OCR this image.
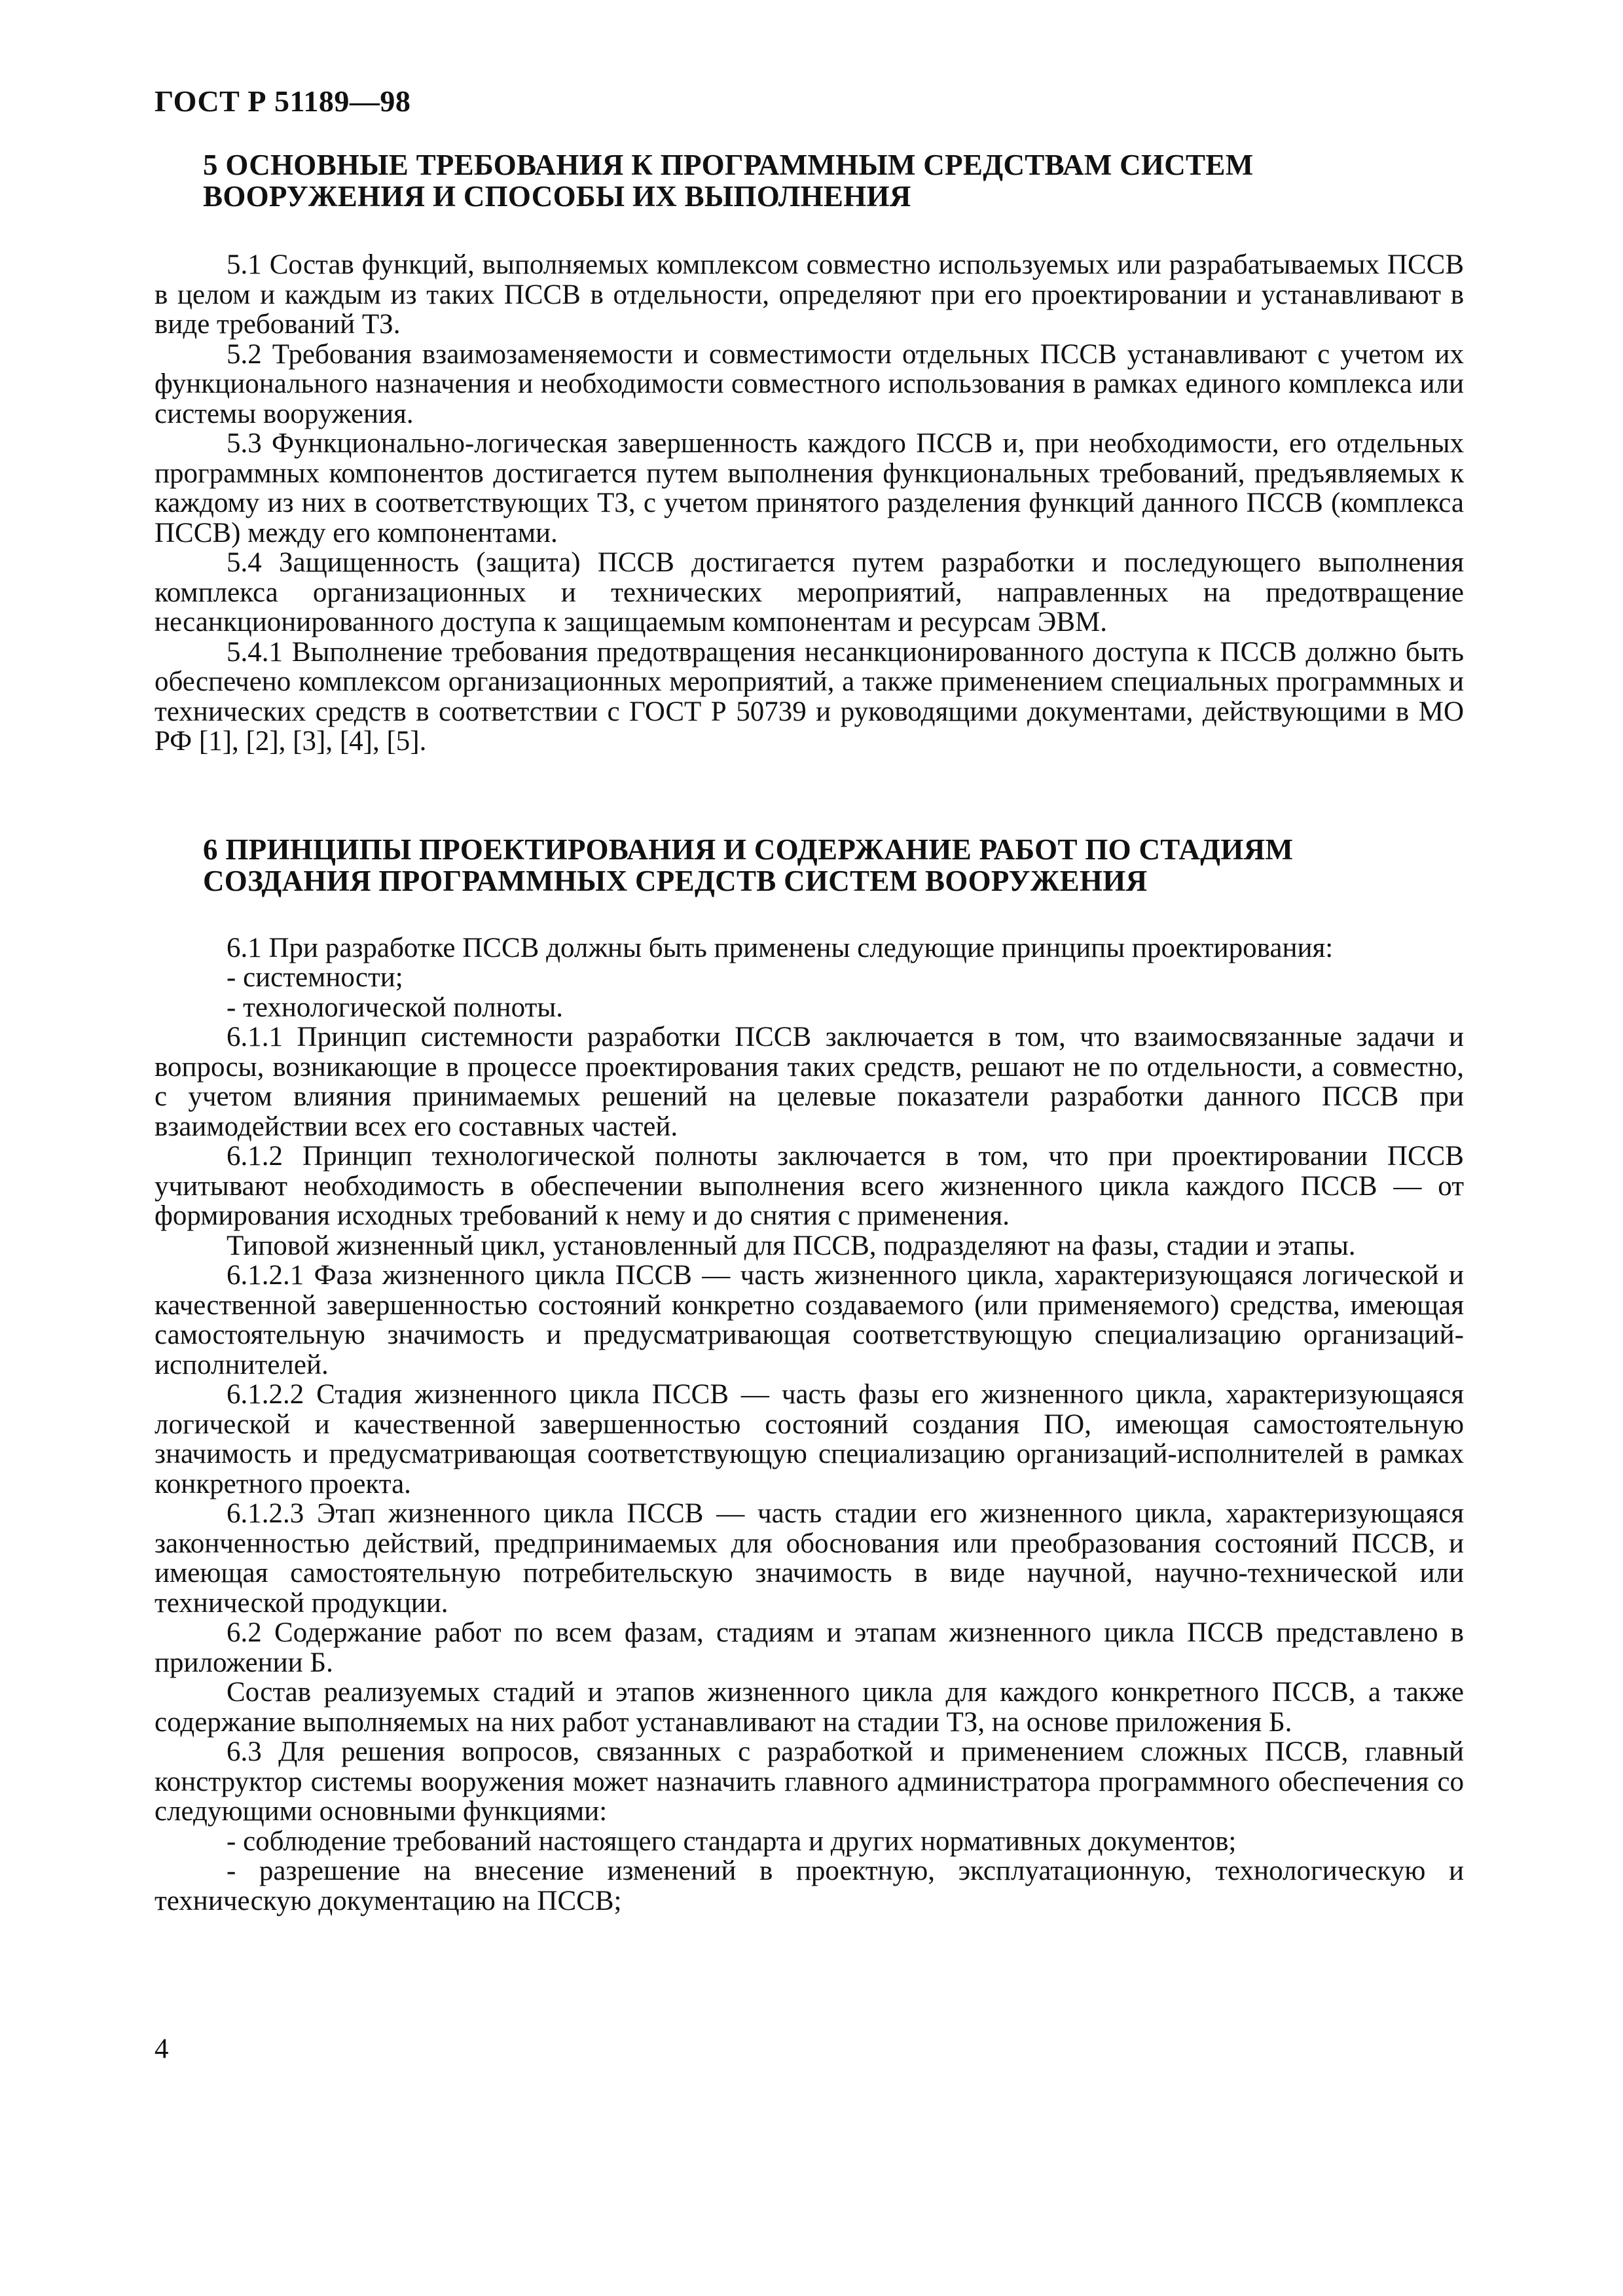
ГОСТ Р 51189—98
5 ОСНОВНЫЕ ТРЕБОВАНИЯ К ПРОГРАММНЫМ СРЕДСТВАМ СИСТЕМ
ВООРУЖЕНИЯ И СПОСОБЫ ИХ ВЫПОЛНЕНИЯ

5.1 Состав функций, выполняемых комплексом совместно используемых или разрабатываемых ПССВ в целом и каждым из таких ПССВ в отдельности, определяют при его проектировании и устанавливают в виде требований ТЗ.

5.2 Требования взаимозаменяемости и совместимости отдельных ПССВ устанавливают с учетом их функционального назначения и необходимости совместного использования в рамках единого комплекса или системы вооружения.

5.3 Функционально-логическая завершенность каждого ПССВ и, при необходимости, его отдельных программных компонентов достигается путем выполнения функциональных требований, предъявляемых к каждому из них в соответствующих ТЗ, с учетом принятого разделения функций данного ПССВ (комплекса ПССВ) между его компонентами.

5.4 Защищенность (защита) ПССВ достигается путем разработки и последующего выполнения комплекса организационных и технических мероприятий, направленных на предотвращение несанкционированного доступа к защищаемым компонентам и ресурсам ЭВМ.

5.4.1 Выполнение требования предотвращения несанкционированного доступа к ПССВ должно быть обеспечено комплексом организационных мероприятий, а также применением специальных программных и технических средств в соответствии с ГОСТ Р 50739 и руководящими документами, действующими в МО РФ [1], [2], [3], [4], [5].

6 ПРИНЦИПЫ ПРОЕКТИРОВАНИЯ И СОДЕРЖАНИЕ РАБОТ ПО СТАДИЯМ
СОЗДАНИЯ ПРОГРАММНЫХ СРЕДСТВ СИСТЕМ ВООРУЖЕНИЯ

6.1 При разработке ПССВ должны быть применены следующие принципы проектирования:

- системности;

- технологической полноты.

6.1.1 Принцип системности разработки ПССВ заключается в том, что взаимосвязанные задачи и вопросы, возникающие в процессе проектирования таких средств, решают не по отдельности, а совместно, с учетом влияния принимаемых решений на целевые показатели разработки данного ПССВ при взаимодействии всех его составных частей.

6.1.2 Принцип технологической полноты заключается в том, что при проектировании ПССВ учитывают необходимость в обеспечении выполнения всего жизненного цикла каждого ПССВ — от формирования исходных требований к нему и до снятия с применения.

Типовой жизненный цикл, установленный для ПССВ, подразделяют на фазы, стадии и этапы.

6.1.2.1 Фаза жизненного цикла ПССВ — часть жизненного цикла, характеризующаяся логической и качественной завершенностью состояний конкретно создаваемого (или применяемого) средства, имеющая самостоятельную значимость и предусматривающая соответствующую специализацию организаций-исполнителей.

6.1.2.2 Стадия жизненного цикла ПССВ — часть фазы его жизненного цикла, характеризующаяся логической и качественной завершенностью состояний создания ПО, имеющая самостоятельную значимость и предусматривающая соответствующую специализацию организаций-исполнителей в рамках конкретного проекта.

6.1.2.3 Этап жизненного цикла ПССВ — часть стадии его жизненного цикла, характеризующаяся законченностью действий, предпринимаемых для обоснования или преобразования состояний ПССВ, и имеющая самостоятельную потребительскую значимость в виде научной, научно-технической или технической продукции.

6.2 Содержание работ по всем фазам, стадиям и этапам жизненного цикла ПССВ представлено в приложении Б.

Состав реализуемых стадий и этапов жизненного цикла для каждого конкретного ПССВ, а также содержание выполняемых на них работ устанавливают на стадии ТЗ, на основе приложения Б.

6.3 Для решения вопросов, связанных с разработкой и применением сложных ПССВ, главный конструктор системы вооружения может назначить главного администратора программного обеспечения со следующими основными функциями:

- соблюдение требований настоящего стандарта и других нормативных документов;

- разрешение на внесение изменений в проектную, эксплуатационную, технологическую и техническую документацию на ПССВ;

4
